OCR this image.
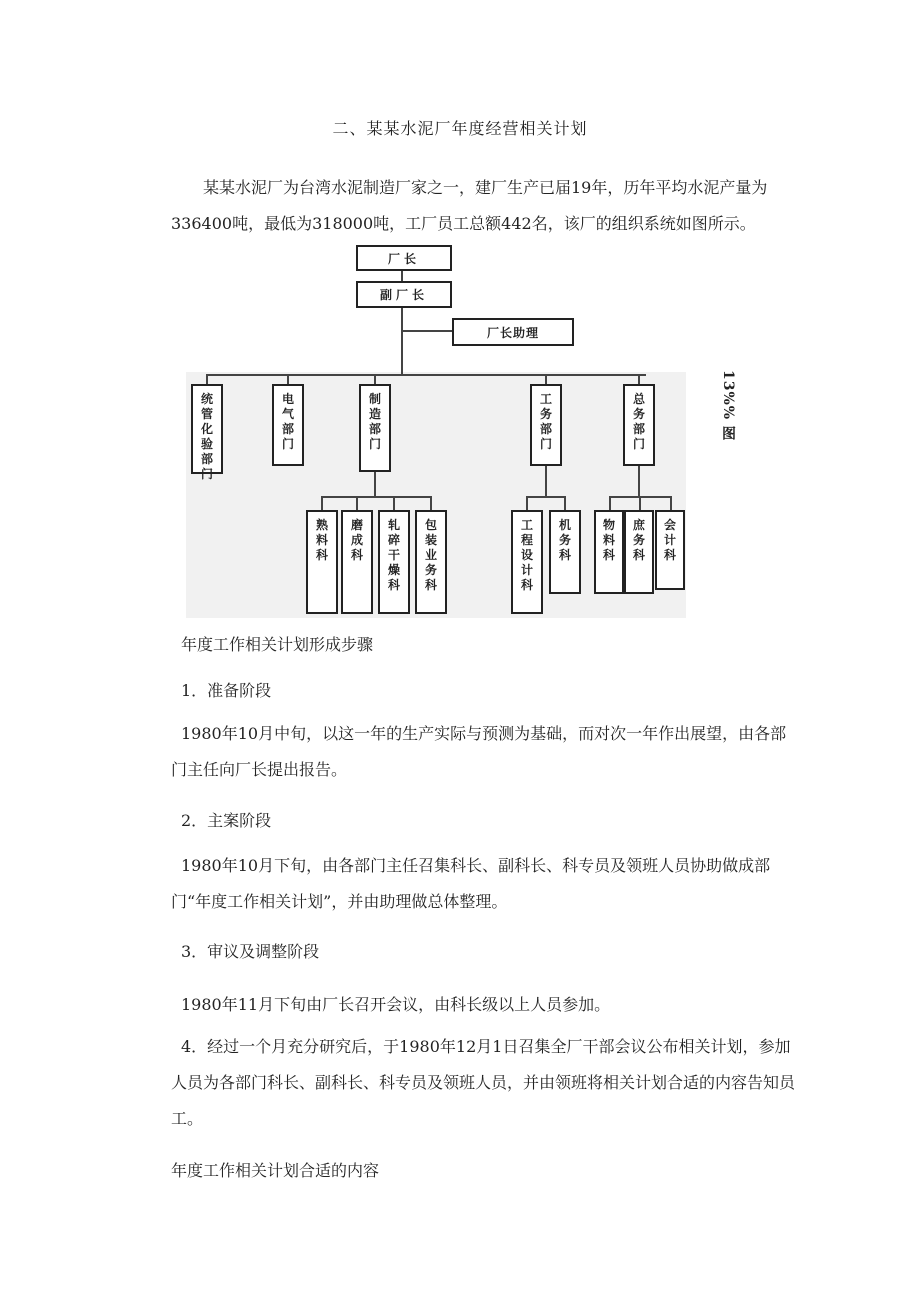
二、某某水泥厂年度经营相关计划
某某水泥厂为台湾水泥制造厂家之一，建厂生产已届19年，历年平均水泥产量为336400吨，最低为318000吨，工厂员工总额442名，该厂的组织系统如图所示。
厂长
副厂长
厂长助理
统
管
化
验
部
门
电
气
部
门
制
造
部
门
工
务
部
门
总
务
部
门
熟
料
科
磨
成
科
轧
碎
干
燥
科
包
装
业
务
科
工
程
设
计
科
机
务
科
物
料
科
庶
务
科
会
计
科
13%% 图
年度工作相关计划形成步骤
1．准备阶段
1980年10月中旬，以这一年的生产实际与预测为基础，而对次一年作出展望，由各部门主任向厂长提出报告。
2．主案阶段
1980年10月下旬，由各部门主任召集科长、副科长、科专员及领班人员协助做成部门“年度工作相关计划”，并由助理做总体整理。
3．审议及调整阶段
1980年11月下旬由厂长召开会议，由科长级以上人员参加。
4．经过一个月充分研究后，于1980年12月1日召集全厂干部会议公布相关计划，参加人员为各部门科长、副科长、科专员及领班人员，并由领班将相关计划合适的内容告知员工。
年度工作相关计划合适的内容
